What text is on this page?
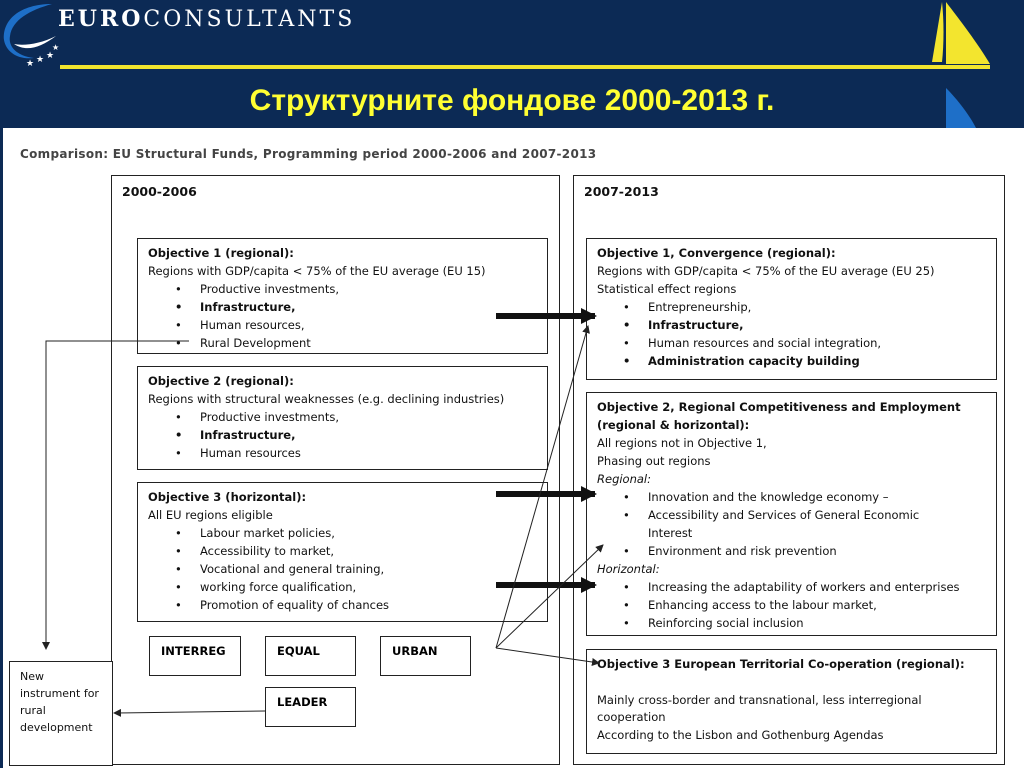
★ ★
★
★
EUROCONSULTANTS
Структурните фондове 2000-2013 г.
Comparison: EU Structural Funds, Programming period 2000-2006 and 2007-2013
2000-2006	2007-2013
Objective 1 (regional):
Regions with GDP/capita < 75% of the EU average (EU 15)
• Productive investments,
• Infrastructure,
• Human resources,
• Rural Development
Objective 2 (regional):
Regions with structural weaknesses (e.g. declining industries)
• Productive investments,
• Infrastructure,
• Human resources
Objective 3 (horizontal):
All EU regions eligible
• Labour market policies,
• Accessibility to market,
• Vocational and general training,
• working force qualification,
• Promotion of equality of chances
INTERREG	EQUAL	URBAN
LEADER
New
instrument for
rural
development
Objective 1, Convergence (regional):
Regions with GDP/capita < 75% of the EU average (EU 25)
Statistical effect regions
• Entrepreneurship,
• Infrastructure,
• Human resources and social integration,
• Administration capacity building
Objective 2, Regional Competitiveness and Employment
(regional & horizontal):
All regions not in Objective 1,
Phasing out regions
Regional:
• Innovation and the knowledge economy –
• Accessibility and Services of General Economic
Interest
• Environment and risk prevention
Horizontal:
• Increasing the adaptability of workers and enterprises
• Enhancing access to the labour market,
• Reinforcing social inclusion
Objective 3 European Territorial Co-operation (regional):
Mainly cross-border and transnational, less interregional
cooperation
According to the Lisbon and Gothenburg Agendas
